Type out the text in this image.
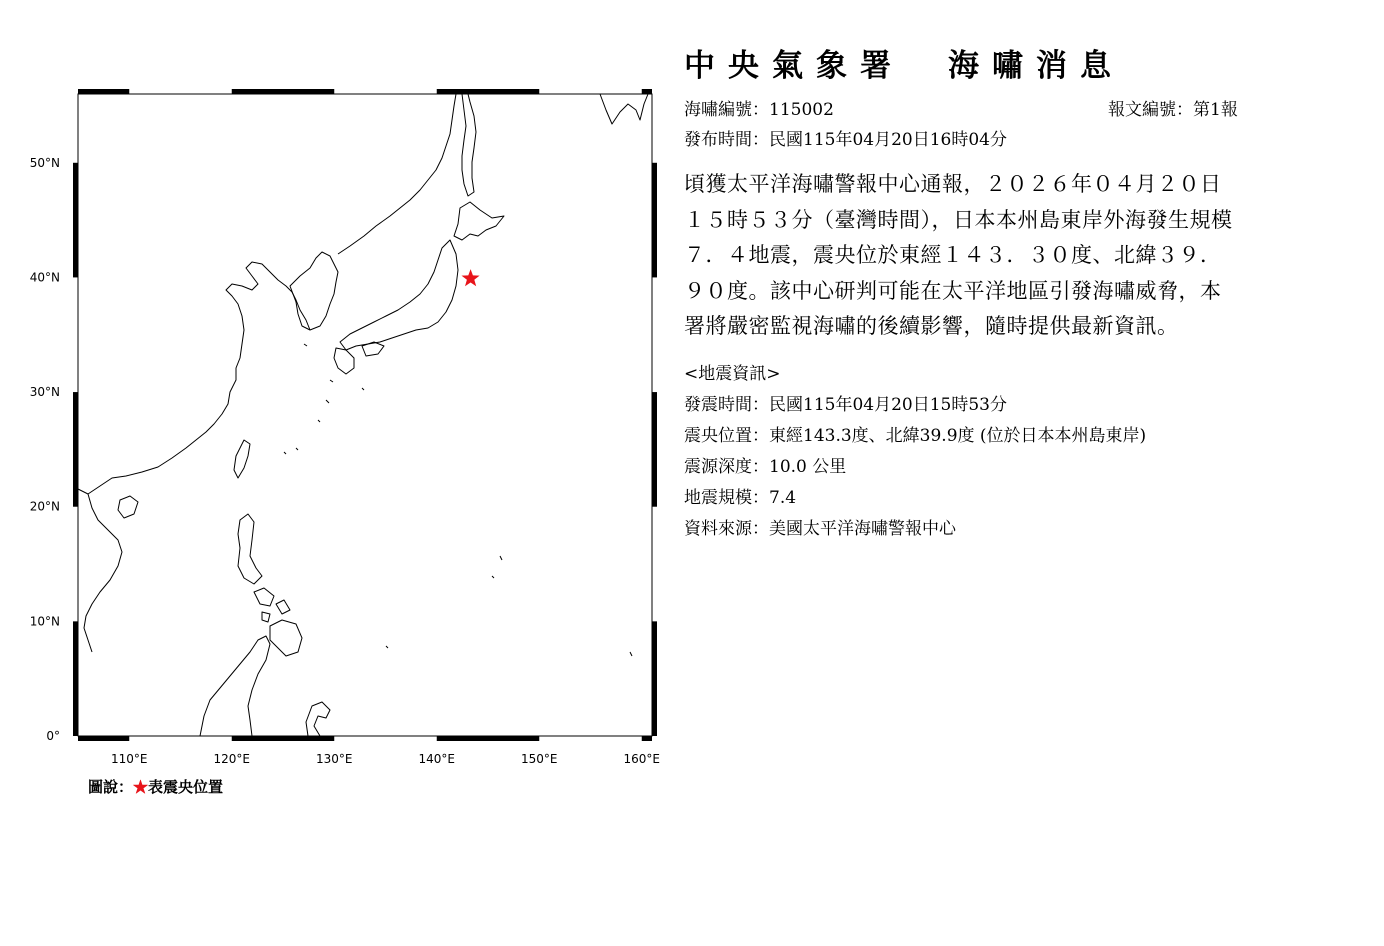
110°E	120°E	130°E	140°E	150°E	160°E
0°
10°N
20°N
30°N
40°N
50°N
圖說：★表震央位置
中央氣象署　海嘯消息
海嘯編號：115002	報文編號：第1報
發布時間：民國115年04月20日16時04分
頃獲太平洋海嘯警報中心通報，２０２６年０４月２０日１５時５３分（臺灣時間），日本本州島東岸外海發生規模７．４地震，震央位於東經１４３．３０度、北緯３９．９０度。該中心研判可能在太平洋地區引發海嘯威脅，本署將嚴密監視海嘯的後續影響，隨時提供最新資訊。
<地震資訊>
發震時間：民國115年04月20日15時53分
震央位置：東經143.3度、北緯39.9度 (位於日本本州島東岸)
震源深度：10.0 公里
地震規模：7.4
資料來源：美國太平洋海嘯警報中心
